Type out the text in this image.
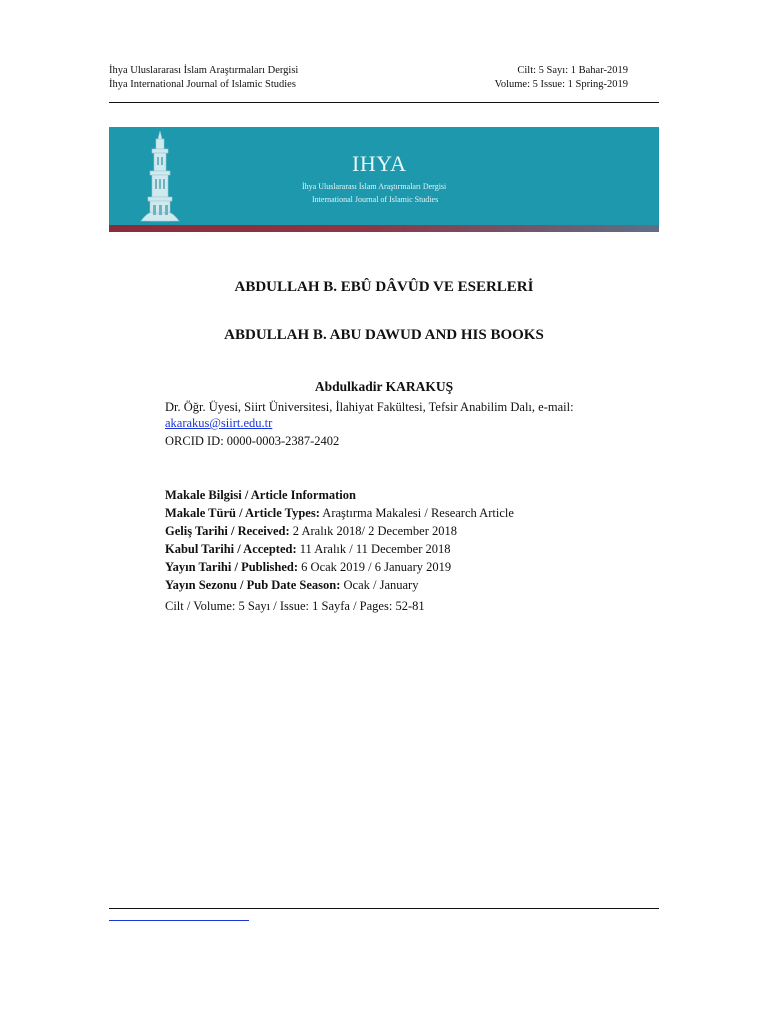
İhya Uluslararası İslam Araştırmaları Dergisi
İhya International Journal of Islamic Studies
Cilt: 5 Sayı: 1 Bahar-2019
Volume: 5 Issue: 1 Spring-2019
IHYA
İhya Uluslararası İslam Araştırmaları Dergisi
International Journal of Islamic Studies
ABDULLAH B. EBÛ DÂVÛD VE ESERLERİ
ABDULLAH B. ABU DAWUD AND HIS BOOKS
Abdulkadir KARAKUŞ
Dr. Öğr. Üyesi, Siirt Üniversitesi, İlahiyat Fakültesi, Tefsir Anabilim Dalı, e-mail:
akarakus@siirt.edu.tr
ORCID ID: 0000-0003-2387-2402
Makale Bilgisi / Article Information
Makale Türü / Article Types: Araştırma Makalesi / Research Article
Geliş Tarihi / Received: 2 Aralık 2018/ 2 December 2018
Kabul Tarihi / Accepted: 11 Aralık / 11 December 2018
Yayın Tarihi / Published: 6 Ocak 2019 / 6 January 2019
Yayın Sezonu / Pub Date Season: Ocak / January
Cilt / Volume: 5 Sayı / Issue: 1 Sayfa / Pages: 52-81
